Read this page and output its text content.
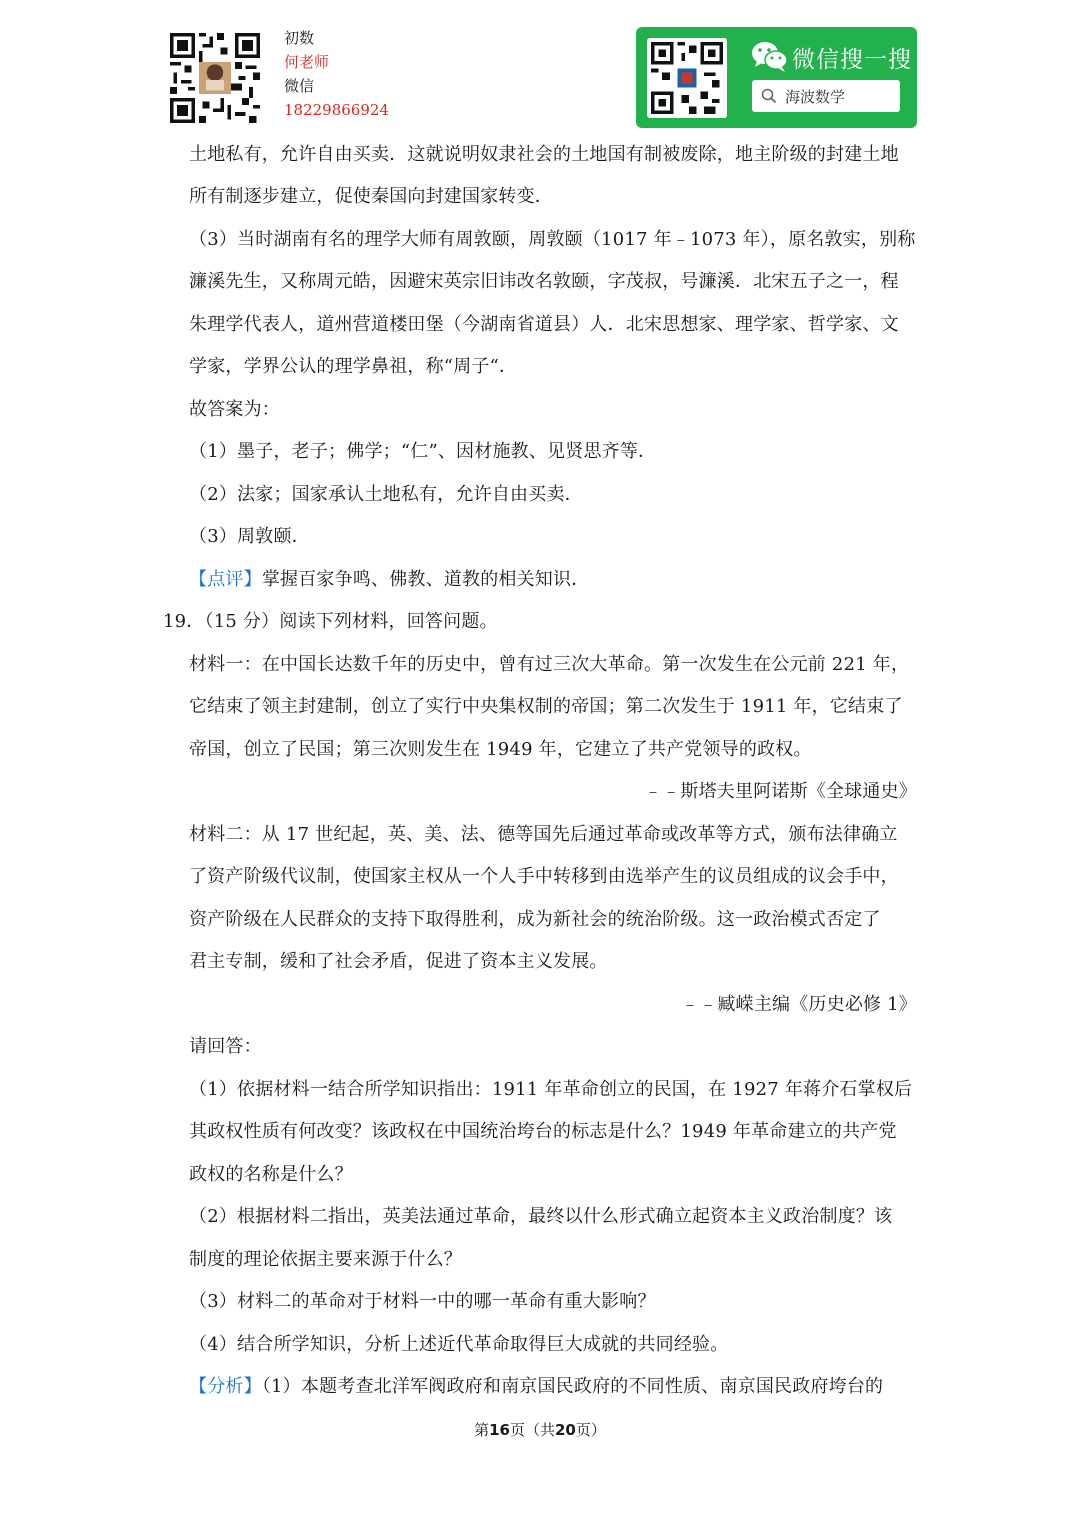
初数
何老师
微信
18229866924
微信搜一搜
海波数学
土地私有，允许自由买卖．这就说明奴隶社会的土地国有制被废除，地主阶级的封建土地
所有制逐步建立，促使秦国向封建国家转变．
（3）当时湖南有名的理学大师有周敦颐，周敦颐（1017 年﹣1073 年），原名敦实，别称
濂溪先生，又称周元皓，因避宋英宗旧讳改名敦颐，字茂叔，号濂溪．北宋五子之一，程
朱理学代表人，道州营道楼田堡（今湖南省道县）人．北宋思想家、理学家、哲学家、文
学家，学界公认的理学鼻祖，称“周子“．
故答案为：
（1）墨子，老子；佛学；“仁”、因材施教、见贤思齐等．
（2）法家；国家承认土地私有，允许自由买卖．
（3）周敦颐．
【点评】掌握百家争鸣、佛教、道教的相关知识．
19．（15 分）阅读下列材料，回答问题。
材料一：在中国长达数千年的历史中，曾有过三次大革命。第一次发生在公元前 221 年，
它结束了领主封建制，创立了实行中央集权制的帝国；第二次发生于 1911 年，它结束了
帝国，创立了民国；第三次则发生在 1949 年，它建立了共产党领导的政权。
﹣﹣斯塔夫里阿诺斯《全球通史》
材料二：从 17 世纪起，英、美、法、德等国先后通过革命或改革等方式，颁布法律确立
了资产阶级代议制，使国家主权从一个人手中转移到由选举产生的议员组成的议会手中，
资产阶级在人民群众的支持下取得胜利，成为新社会的统治阶级。这一政治模式否定了
君主专制，缓和了社会矛盾，促进了资本主义发展。
﹣﹣臧嵘主编《历史必修 1》
请回答：
（1）依据材料一结合所学知识指出：1911 年革命创立的民国，在 1927 年蒋介石掌权后
其政权性质有何改变？该政权在中国统治垮台的标志是什么？1949 年革命建立的共产党
政权的名称是什么？
（2）根据材料二指出，英美法通过革命，最终以什么形式确立起资本主义政治制度？该
制度的理论依据主要来源于什么？
（3）材料二的革命对于材料一中的哪一革命有重大影响？
（4）结合所学知识，分析上述近代革命取得巨大成就的共同经验。
【分析】（1）本题考查北洋军阀政府和南京国民政府的不同性质、南京国民政府垮台的
第16页（共20页）
